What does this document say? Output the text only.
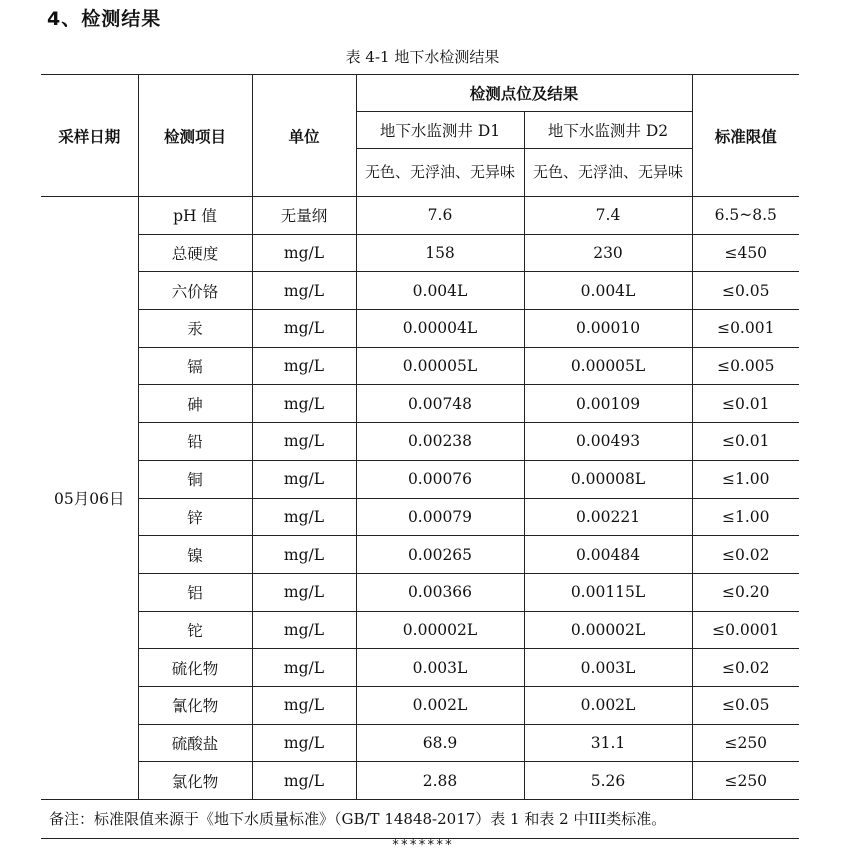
4、检测结果
表 4-1 地下水检测结果
采样日期	检测项目	单位	检测点位及结果		标准限值
			地下水监测井 D1	地下水监测井 D2	
			无色、无浮油、无异味	无色、无浮油、无异味	
05月06日	pH 值	无量纲	7.6	7.4	6.5~8.5
	总硬度	mg/L	158	230	≤450
	六价铬	mg/L	0.004L	0.004L	≤0.05
	汞	mg/L	0.00004L	0.00010	≤0.001
	镉	mg/L	0.00005L	0.00005L	≤0.005
	砷	mg/L	0.00748	0.00109	≤0.01
	铅	mg/L	0.00238	0.00493	≤0.01
	铜	mg/L	0.00076	0.00008L	≤1.00
	锌	mg/L	0.00079	0.00221	≤1.00
	镍	mg/L	0.00265	0.00484	≤0.02
	铝	mg/L	0.00366	0.00115L	≤0.20
	铊	mg/L	0.00002L	0.00002L	≤0.0001
	硫化物	mg/L	0.003L	0.003L	≤0.02
	氰化物	mg/L	0.002L	0.002L	≤0.05
	硫酸盐	mg/L	68.9	31.1	≤250
	氯化物	mg/L	2.88	5.26	≤250
备注：标准限值来源于《地下水质量标准》（GB/T 14848-2017）表 1 和表 2 中III类标准。
*******
